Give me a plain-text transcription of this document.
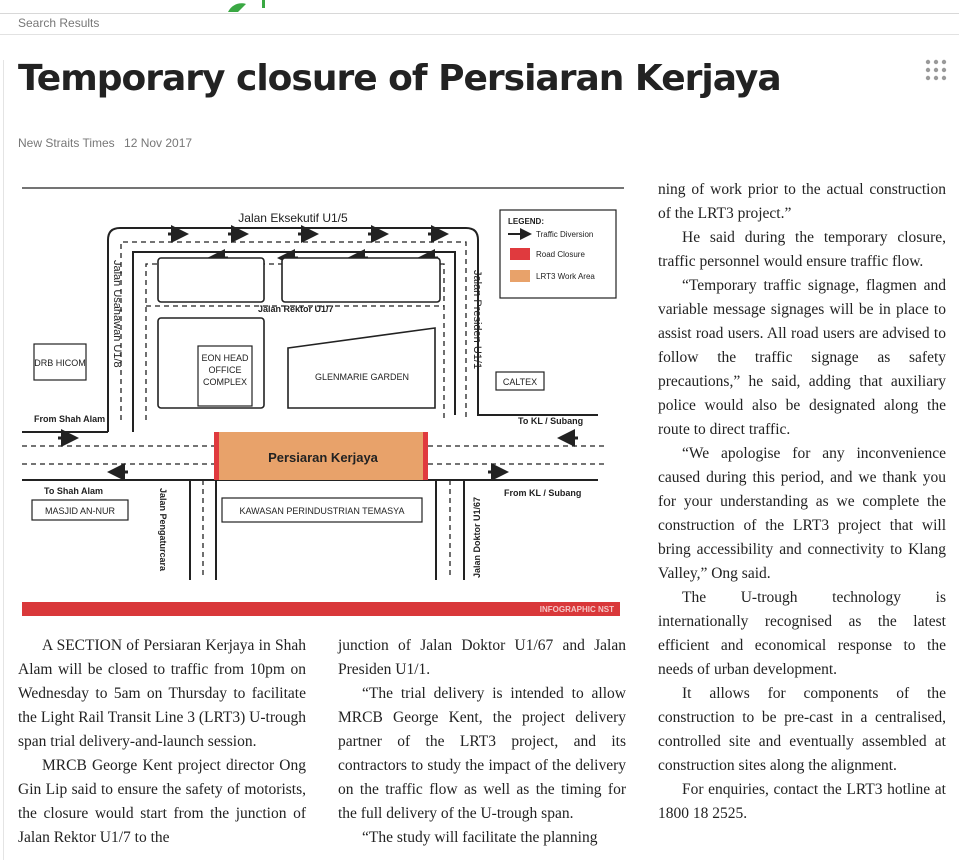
Search Results
Temporary closure of Persiaran Kerjaya
New Straits Times 12 Nov 2017
Persiaran Kerjaya
Jalan Eksekutif U1/5
Jalan Rektor U1/7
Jalan Usahawan U1/8	Jalan Presiden U1/1
Jalan Pengaturcara	Jalan Doktor U1/67
DRB HICOM	EON HEAD OFFICE COMPLEX	GLENMARIE GARDEN	CALTEX
MASJID AN-NUR	KAWASAN PERINDUSTRIAN TEMASYA
From Shah Alam
To Shah Alam
To KL / Subang
From KL / Subang
LEGEND:
Traffic Diversion
Road Closure
LRT3 Work Area
INFOGRAPHIC NST

A SECTION of Persiaran Kerjaya in Shah Alam will be closed to traffic from 10pm on Wednesday to 5am on Thursday to facilitate the Light Rail Transit Line 3 (LRT3) U-trough span trial delivery-and-launch session.

MRCB George Kent project director Ong Gin Lip said to ensure the safety of motorists, the closure would start from the junction of Jalan Rektor U1/7 to the

junction of Jalan Doktor U1/67 and Jalan Presiden U1/1.

“The trial delivery is intended to allow MRCB George Kent, the project delivery partner of the LRT3 project, and its contractors to study the impact of the delivery on the traffic flow as well as the timing for the full delivery of the U-trough span.

“The study will facilitate the planning

ning of work prior to the actual construction of the LRT3 project.”

He said during the temporary closure, traffic personnel would ensure traffic flow.

“Temporary traffic signage, flagmen and variable message signages will be in place to assist road users. All road users are advised to follow the traffic signage as safety precautions,” he said, adding that auxiliary police would also be designated along the route to direct traffic.

“We apologise for any inconvenience caused during this period, and we thank you for your understanding as we complete the construction of the LRT3 project that will bring accessibility and connectivity to Klang Valley,” Ong said.

The U-trough technology is internationally recognised as the latest efficient and economical response to the needs of urban development.

It allows for components of the construction to be pre-cast in a centralised, controlled site and eventually assembled at construction sites along the alignment.

For enquiries, contact the LRT3 hotline at 1800 18 2525.
